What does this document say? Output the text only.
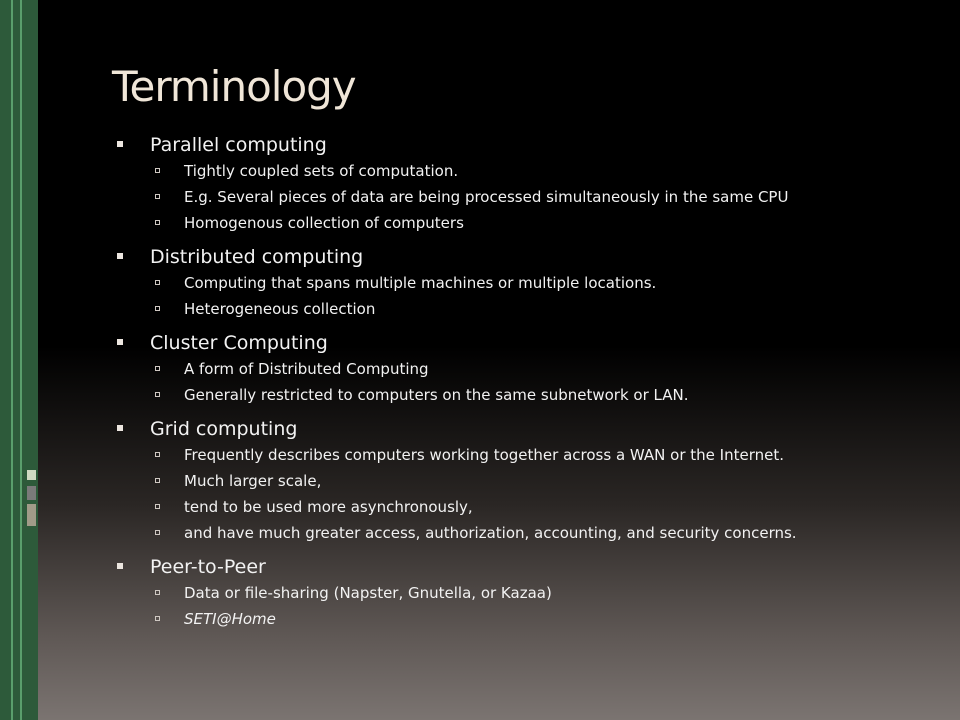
Terminology
Parallel computing
Tightly coupled sets of computation.
E.g. Several pieces of data are being processed simultaneously in the same CPU
Homogenous collection of computers
Distributed computing
Computing that spans multiple machines or multiple locations.
Heterogeneous collection
Cluster Computing
A form of Distributed Computing
Generally restricted to computers on the same subnetwork or LAN.
Grid computing
Frequently describes computers working together across a WAN or the Internet.
Much larger scale,
tend to be used more asynchronously,
and have much greater access, authorization, accounting, and security concerns.
Peer-to-Peer
Data or file-sharing (Napster, Gnutella, or Kazaa)
SETI@Home
